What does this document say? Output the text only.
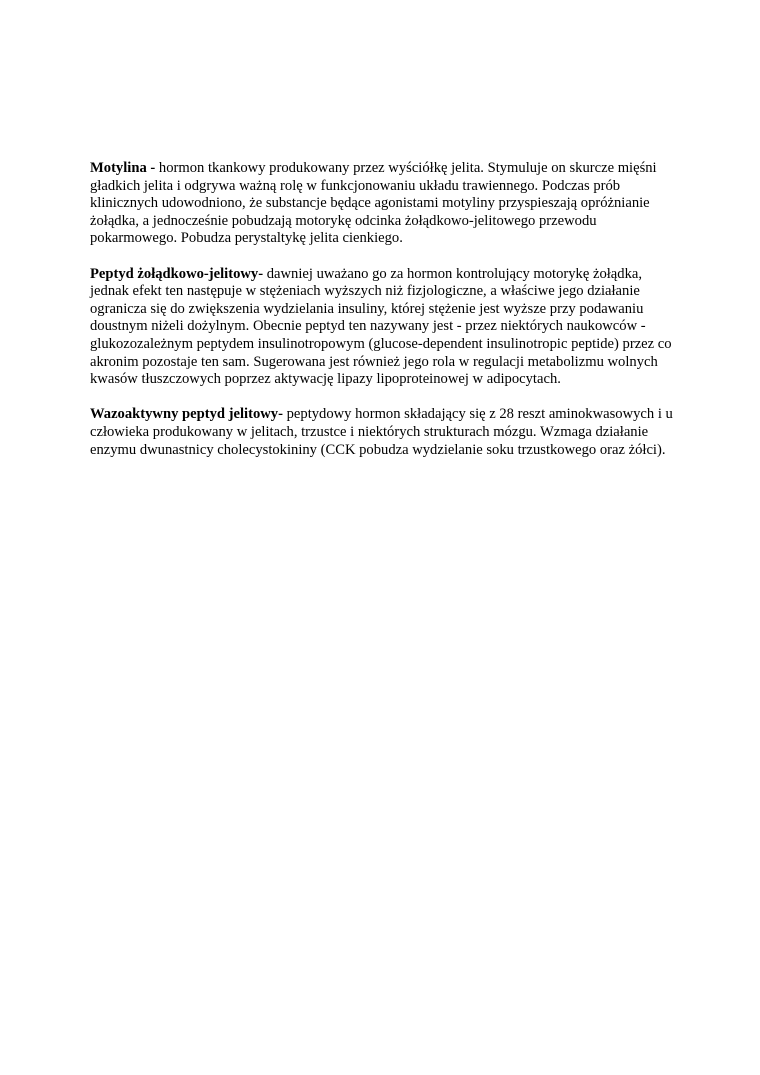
Motylina - hormon tkankowy produkowany przez wyściółkę jelita. Stymuluje on skurcze mięśni gładkich jelita i odgrywa ważną rolę w funkcjonowaniu układu trawiennego. Podczas prób klinicznych udowodniono, że substancje będące agonistami motyliny przyspieszają opróżnianie żołądka, a jednocześnie pobudzają motorykę odcinka żołądkowo-jelitowego przewodu pokarmowego. Pobudza perystaltykę jelita cienkiego.

Peptyd żołądkowo-jelitowy- dawniej uważano go za hormon kontrolujący motorykę żołądka, jednak efekt ten następuje w stężeniach wyższych niż fizjologiczne, a właściwe jego działanie ogranicza się do zwiększenia wydzielania insuliny, której stężenie jest wyższe przy podawaniu doustnym niżeli dożylnym. Obecnie peptyd ten nazywany jest - przez niektórych naukowców - glukozozależnym peptydem insulinotropowym (glucose-dependent insulinotropic peptide) przez co akronim pozostaje ten sam. Sugerowana jest również jego rola w regulacji metabolizmu wolnych kwasów tłuszczowych poprzez aktywację lipazy lipoproteinowej w adipocytach.

Wazoaktywny peptyd jelitowy- peptydowy hormon składający się z 28 reszt aminokwasowych i u człowieka produkowany w jelitach, trzustce i niektórych strukturach mózgu. Wzmaga działanie enzymu dwunastnicy cholecystokininy (CCK pobudza wydzielanie soku trzustkowego oraz żółci).
